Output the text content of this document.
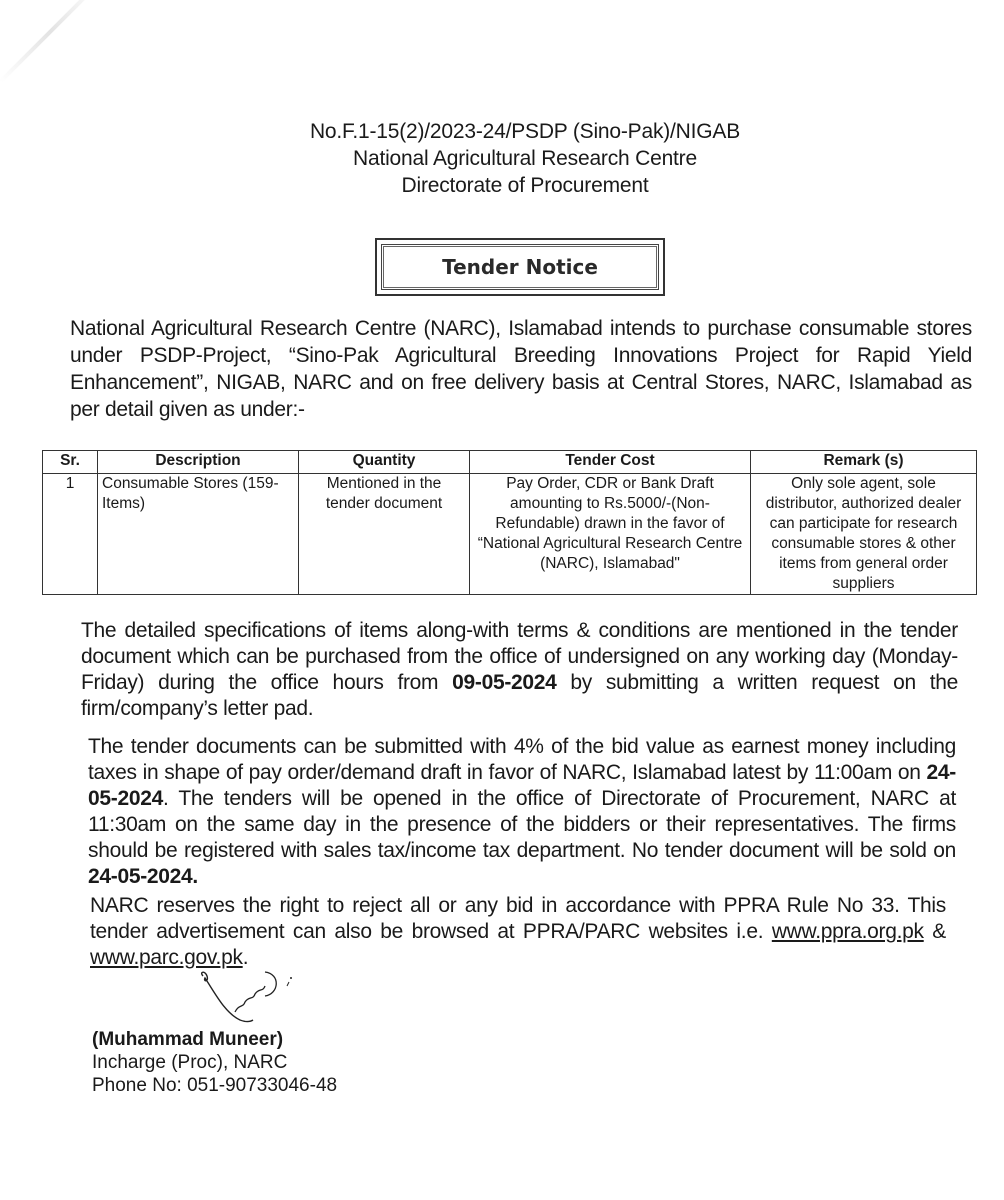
No.F.1-15(2)/2023-24/PSDP (Sino-Pak)/NIGAB
National Agricultural Research Centre
Directorate of Procurement
Tender Notice
National Agricultural Research Centre (NARC), Islamabad intends to purchase consumable stores under PSDP-Project, “Sino-Pak Agricultural Breeding Innovations Project for Rapid Yield Enhancement”, NIGAB, NARC and on free delivery basis at Central Stores, NARC, Islamabad as per detail given as under:-
Sr.	Description	Quantity	Tender Cost	Remark (s)
1	Consumable Stores (159-Items)	Mentioned in the tender document	Pay Order, CDR or Bank Draft amounting to Rs.5000/-(Non-Refundable) drawn in the favor of “National Agricultural Research Centre (NARC), Islamabad"	Only sole agent, sole distributor, authorized dealer can participate for research consumable stores & other items from general order suppliers
The detailed specifications of items along-with terms & conditions are mentioned in the tender document which can be purchased from the office of undersigned on any working day (Monday-Friday) during the office hours from 09-05-2024 by submitting a written request on the firm/company’s letter pad.
The tender documents can be submitted with 4% of the bid value as earnest money including taxes in shape of pay order/demand draft in favor of NARC, Islamabad latest by 11:00am on 24-05-2024. The tenders will be opened in the office of Directorate of Procurement, NARC at 11:30am on the same day in the presence of the bidders or their representatives. The firms should be registered with sales tax/income tax department. No tender document will be sold on 24-05-2024.
NARC reserves the right to reject all or any bid in accordance with PPRA Rule No 33. This tender advertisement can also be browsed at PPRA/PARC websites i.e. www.ppra.org.pk & www.parc.gov.pk.
(Muhammad Muneer)
Incharge (Proc), NARC
Phone No: 051-90733046-48
